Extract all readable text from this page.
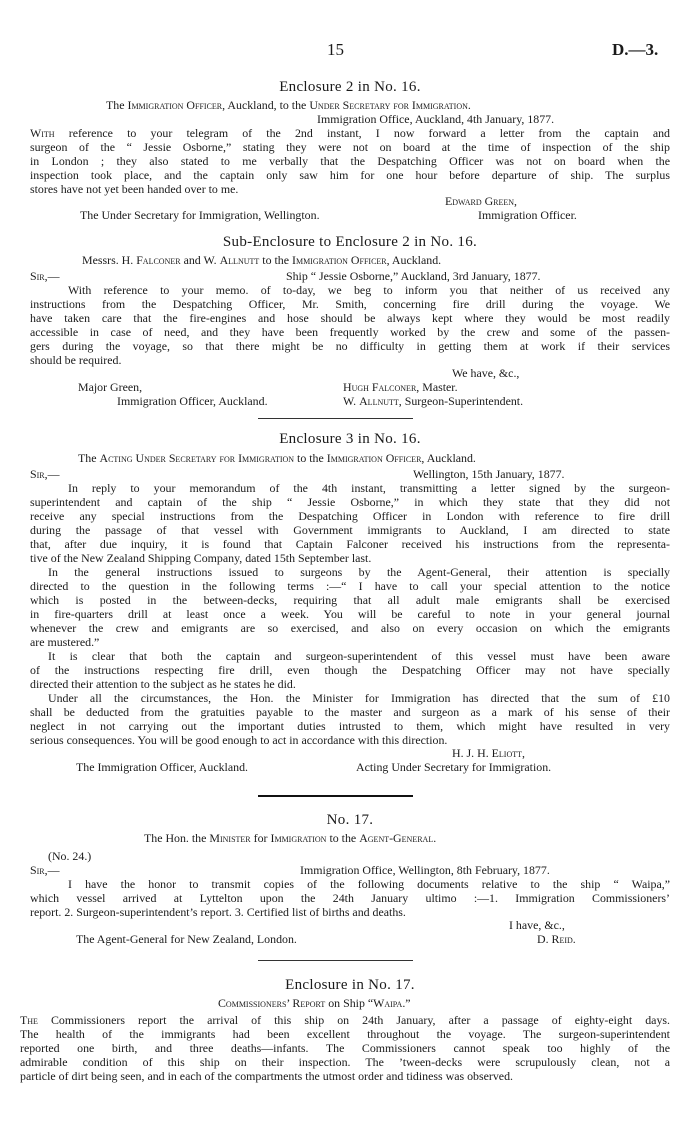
15	D.—3.
Enclosure 2 in No. 16.
The Immigration Officer, Auckland, to the Under Secretary for Immigration.
Immigration Office, Auckland, 4th January, 1877.
With reference to your telegram of the 2nd instant, I now forward a letter from the captain and
surgeon of the “ Jessie Osborne,” stating they were not on board at the time of inspection of the ship
in London ; they also stated to me verbally that the Despatching Officer was not on board when the
inspection took place, and the captain only saw him for one hour before departure of ship. The surplus
stores have not yet been handed over to me.
Edward Green,
The Under Secretary for Immigration, Wellington.	Immigration Officer.
Sub-Enclosure to Enclosure 2 in No. 16.
Messrs. H. Falconer and W. Allnutt to the Immigration Officer, Auckland.
Sir,—	Ship “ Jessie Osborne,” Auckland, 3rd January, 1877.
With reference to your memo. of to-day, we beg to inform you that neither of us received any
instructions from the Despatching Officer, Mr. Smith, concerning fire drill during the voyage. We
have taken care that the fire-engines and hose should be always kept where they would be most readily
accessible in case of need, and they have been frequently worked by the crew and some of the passen-
gers during the voyage, so that there might be no difficulty in getting them at work if their services
should be required.
We have, &c.,
Major Green,	Hugh Falconer, Master.
Immigration Officer, Auckland.	W. Allnutt, Surgeon-Superintendent.
Enclosure 3 in No. 16.
The Acting Under Secretary for Immigration to the Immigration Officer, Auckland.
Sir,—	Wellington, 15th January, 1877.
In reply to your memorandum of the 4th instant, transmitting a letter signed by the surgeon-
superintendent and captain of the ship “ Jessie Osborne,” in which they state that they did not
receive any special instructions from the Despatching Officer in London with reference to fire drill
during the passage of that vessel with Government immigrants to Auckland, I am directed to state
that, after due inquiry, it is found that Captain Falconer received his instructions from the representa-
tive of the New Zealand Shipping Company, dated 15th September last.
In the general instructions issued to surgeons by the Agent-General, their attention is specially
directed to the question in the following terms :—“ I have to call your special attention to the notice
which is posted in the between-decks, requiring that all adult male emigrants shall be exercised
in fire-quarters drill at least once a week. You will be careful to note in your general journal
whenever the crew and emigrants are so exercised, and also on every occasion on which the emigrants
are mustered.”
It is clear that both the captain and surgeon-superintendent of this vessel must have been aware
of the instructions respecting fire drill, even though the Despatching Officer may not have specially
directed their attention to the subject as he states he did.
Under all the circumstances, the Hon. the Minister for Immigration has directed that the sum of £10
shall be deducted from the gratuities payable to the master and surgeon as a mark of his sense of their
neglect in not carrying out the important duties intrusted to them, which might have resulted in very
serious consequences. You will be good enough to act in accordance with this direction.
H. J. H. Eliott,
The Immigration Officer, Auckland.	Acting Under Secretary for Immigration.
No. 17.
The Hon. the Minister for Immigration to the Agent-General.
(No. 24.)
Sir,—	Immigration Office, Wellington, 8th February, 1877.
I have the honor to transmit copies of the following documents relative to the ship “ Waipa,”
which vessel arrived at Lyttelton upon the 24th January ultimo :—1. Immigration Commissioners’
report. 2. Surgeon-superintendent’s report. 3. Certified list of births and deaths.
I have, &c.,
The Agent-General for New Zealand, London.	D. Reid.
Enclosure in No. 17.
Commissioners’ Report on Ship “Waipa.”
The Commissioners report the arrival of this ship on 24th January, after a passage of eighty-eight days.
The health of the immigrants had been excellent throughout the voyage. The surgeon-superintendent
reported one birth, and three deaths—infants. The Commissioners cannot speak too highly of the
admirable condition of this ship on their inspection. The ’tween-decks were scrupulously clean, not a
particle of dirt being seen, and in each of the compartments the utmost order and tidiness was observed.
